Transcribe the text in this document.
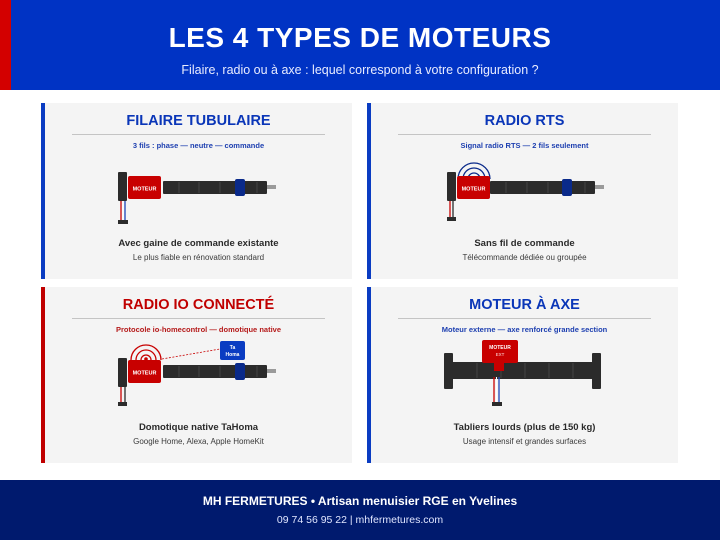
LES 4 TYPES DE MOTEURS
Filaire, radio ou à axe : lequel correspond à votre configuration ?
FILAIRE TUBULAIRE
3 fils : phase — neutre — commande
MOTEUR
Avec gaine de commande existante
Le plus fiable en rénovation standard
RADIO RTS
Signal radio RTS — 2 fils seulement
MOTEUR
Sans fil de commande
Télécommande dédiée ou groupée
RADIO IO CONNECTÉ
Protocole io-homecontrol — domotique native
Ta
Homa
MOTEUR
Domotique native TaHoma
Google Home, Alexa, Apple HomeKit
MOTEUR À AXE
Moteur externe — axe renforcé grande section
MOTEUR
EXT
Tabliers lourds (plus de 150 kg)
Usage intensif et grandes surfaces
MH FERMETURES • Artisan menuisier RGE en Yvelines
09 74 56 95 22 | mhfermetures.com
